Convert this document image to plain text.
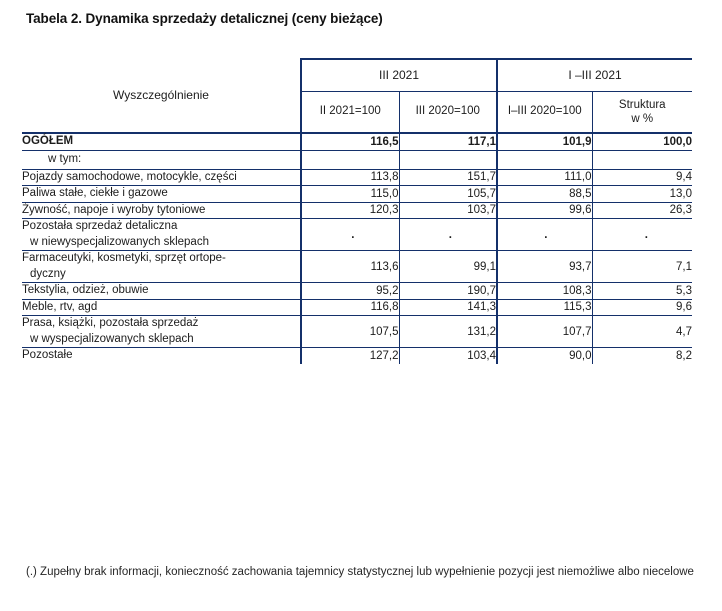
Tabela 2. Dynamika sprzedaży detalicznej (ceny bieżące)
Wyszczególnienie	III 2021		I –III 2021	
	II 2021=100	III 2020=100	I–III 2020=100	Struktura
w %

OGÓŁEM	116,5	117,1	101,9	100,0
w tym:				
Pojazdy samochodowe, motocykle, części	113,8	151,7	111,0	9,4
Paliwa stałe, ciekłe i gazowe	115,0	105,7	88,5	13,0
Żywność, napoje i wyroby tytoniowe	120,3	103,7	99,6	26,3
Pozostała sprzedaż detaliczna
w niewyspecjalizowanych sklepach	.	.	.	.
Farmaceutyki, kosmetyki, sprzęt ortope-
dyczny	113,6	99,1	93,7	7,1
Tekstylia, odzież, obuwie	95,2	190,7	108,3	5,3
Meble, rtv, agd	116,8	141,3	115,3	9,6
Prasa, książki, pozostała sprzedaż
w wyspecjalizowanych sklepach	107,5	131,2	107,7	4,7
Pozostałe	127,2	103,4	90,0	8,2
(.) Zupełny brak informacji, konieczność zachowania tajemnicy statystycznej lub wypełnienie pozycji jest niemożliwe albo niecelowe
